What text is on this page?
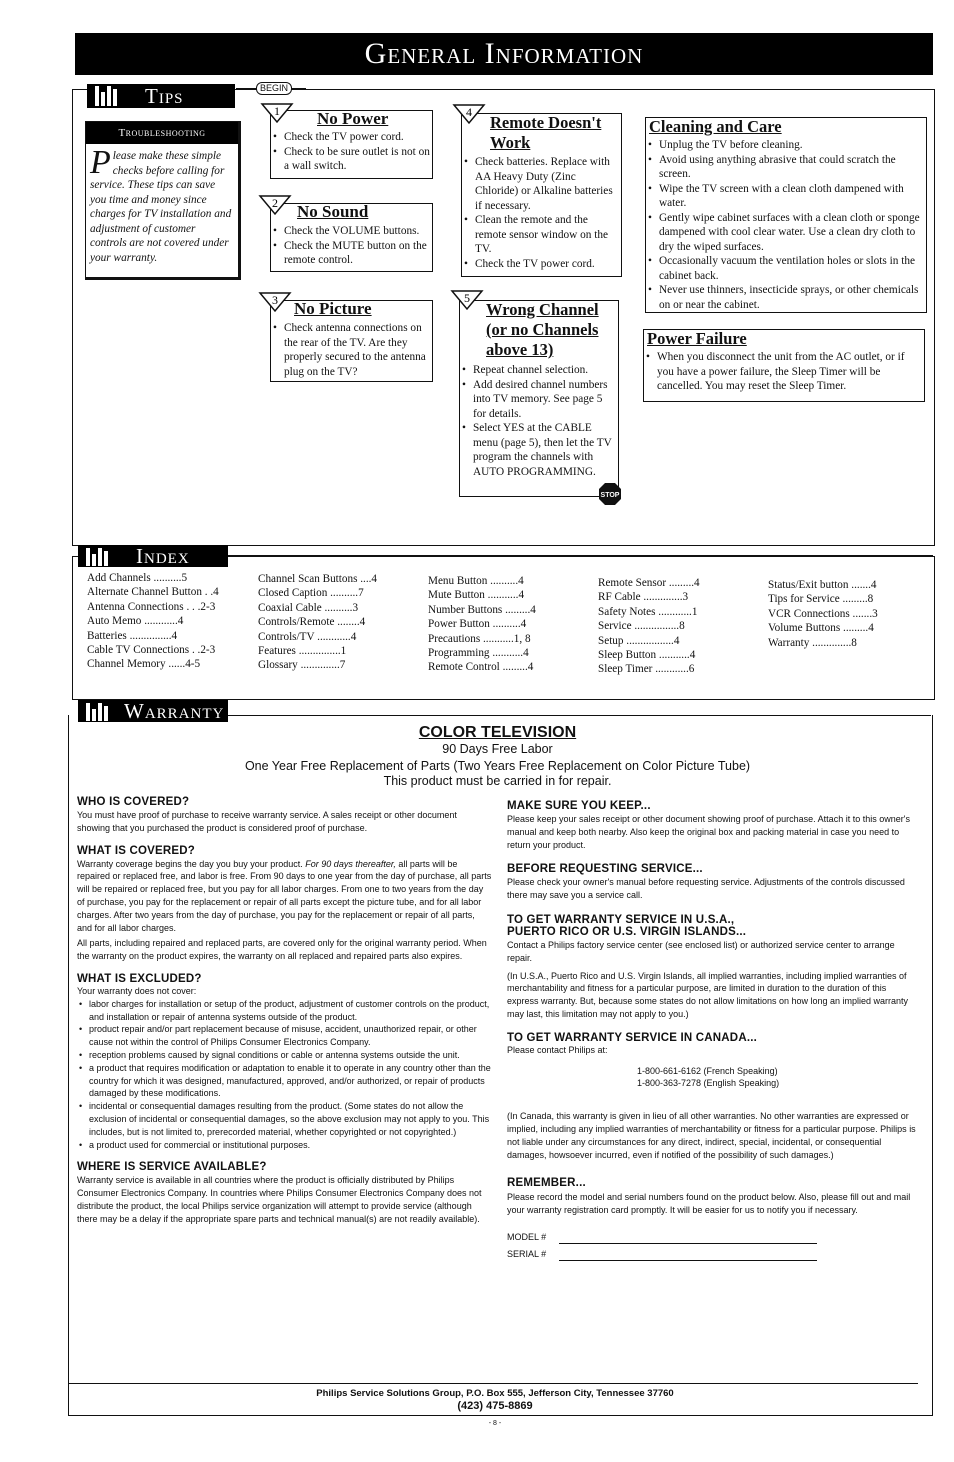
General Information
Tips
Troubleshooting
P lease make these simple checks before calling for service. These tips can save you time and money since charges for TV installation and adjustment of customer controls are not covered under your warranty.
BEGIN
No Power
• Check the TV power cord.
• Check to be sure outlet is not on a wall switch.
1
No Sound
• Check the VOLUME buttons.
• Check the MUTE button on the remote control.
2
No Picture
• Check antenna connections on the rear of the TV. Are they properly secured to the antenna plug on the TV?
3
Remote Doesn't Work
• Check batteries. Replace with AA Heavy Duty (Zinc Chloride) or Alkaline batteries if necessary.
• Clean the remote and the remote sensor window on the TV.
• Check the TV power cord.
4
Wrong Channel (or no Channels above 13)
• Repeat channel selection.
• Add desired channel numbers into TV memory. See page 5 for details.
• Select YES at the CABLE menu (page 5), then let the TV program the channels with AUTO PROGRAMMING.
5
STOP
Cleaning and Care
• Unplug the TV before cleaning.
• Avoid using anything abrasive that could scratch the screen.
• Wipe the TV screen with a clean cloth dampened with water.
• Gently wipe cabinet surfaces with a clean cloth or sponge dampened with cool clear water. Use a clean dry cloth to dry the wiped surfaces.
• Occasionally vacuum the ventilation holes or slots in the cabinet back.
• Never use thinners, insecticide sprays, or other chemicals on or near the cabinet.
Power Failure
• When you disconnect the unit from the AC outlet, or if you have a power failure, the Sleep Timer will be cancelled. You may reset the Sleep Timer.
Index
Add Channels ..........5
Alternate Channel Button . .4
Antenna Connections . . .2-3
Auto Memo ............4
Batteries ...............4
Cable TV Connections . .2-3
Channel Memory ......4-5
Channel Scan Buttons ....4
Closed Caption ..........7
Coaxial Cable ..........3
Controls/Remote ........4
Controls/TV ............4
Features ...............1
Glossary ..............7
Menu Button ..........4
Mute Button ...........4
Number Buttons .........4
Power Button ..........4
Precautions ...........1, 8
Programming ...........4
Remote Control .........4
Remote Sensor .........4
RF Cable ..............3
Safety Notes ............1
Service ................8
Setup .................4
Sleep Button ...........4
Sleep Timer ............6
Status/Exit button .......4
Tips for Service .........8
VCR Connections .......3
Volume Buttons .........4
Warranty ..............8
Warranty
COLOR TELEVISION
90 Days Free Labor
One Year Free Replacement of Parts (Two Years Free Replacement on Color Picture Tube)
This product must be carried in for repair.
WHO IS COVERED?
You must have proof of purchase to receive warranty service. A sales receipt or other document showing that you purchased the product is considered proof of purchase.
WHAT IS COVERED?
Warranty coverage begins the day you buy your product. For 90 days thereafter, all parts will be repaired or replaced free, and labor is free. From 90 days to one year from the day of purchase, all parts will be repaired or replaced free, but you pay for all labor charges. From one to two years from the day of purchase, you pay for the replacement or repair of all parts except the picture tube, and for all labor charges. After two years from the day of purchase, you pay for the replacement or repair of all parts, and for all labor charges.
All parts, including repaired and replaced parts, are covered only for the original warranty period. When the warranty on the product expires, the warranty on all replaced and repaired parts also expires.
WHAT IS EXCLUDED?
Your warranty does not cover:
• labor charges for installation or setup of the product, adjustment of customer controls on the product, and installation or repair of antenna systems outside of the product.
• product repair and/or part replacement because of misuse, accident, unauthorized repair, or other cause not within the control of Philips Consumer Electronics Company.
• reception problems caused by signal conditions or cable or antenna systems outside the unit.
• a product that requires modification or adaptation to enable it to operate in any country other than the country for which it was designed, manufactured, approved, and/or authorized, or repair of products damaged by these modifications.
• incidental or consequential damages resulting from the product. (Some states do not allow the exclusion of incidental or consequential damages, so the above exclusion may not apply to you. This includes, but is not limited to, prerecorded material, whether copyrighted or not copyrighted.)
• a product used for commercial or institutional purposes.
WHERE IS SERVICE AVAILABLE?
Warranty service is available in all countries where the product is officially distributed by Philips Consumer Electronics Company. In countries where Philips Consumer Electronics Company does not distribute the product, the local Philips service organization will attempt to provide service (although there may be a delay if the appropriate spare parts and technical manual(s) are not readily available).
MAKE SURE YOU KEEP...
Please keep your sales receipt or other document showing proof of purchase. Attach it to this owner's manual and keep both nearby. Also keep the original box and packing material in case you need to return your product.
BEFORE REQUESTING SERVICE...
Please check your owner's manual before requesting service. Adjustments of the controls discussed there may save you a service call.
TO GET WARRANTY SERVICE IN U.S.A.,
PUERTO RICO OR U.S. VIRGIN ISLANDS...
Contact a Philips factory service center (see enclosed list) or authorized service center to arrange repair.
(In U.S.A., Puerto Rico and U.S. Virgin Islands, all implied warranties, including implied warranties of merchantability and fitness for a particular purpose, are limited in duration to the duration of this express warranty. But, because some states do not allow limitations on how long an implied warranty may last, this limitation may not apply to you.)
TO GET WARRANTY SERVICE IN CANADA...
Please contact Philips at:
1-800-661-6162 (French Speaking)
1-800-363-7278 (English Speaking)
(In Canada, this warranty is given in lieu of all other warranties. No other warranties are expressed or implied, including any implied warranties of merchantability or fitness for a particular purpose. Philips is not liable under any circumstances for any direct, indirect, special, incidental, or consequential damages, howsoever incurred, even if notified of the possibility of such damages.)
REMEMBER...
Please record the model and serial numbers found on the product below. Also, please fill out and mail your warranty registration card promptly. It will be easier for us to notify you if necessary.
MODEL #
SERIAL #
Philips Service Solutions Group, P.O. Box 555, Jefferson City, Tennessee 37760
(423) 475-8869
- 8 -
